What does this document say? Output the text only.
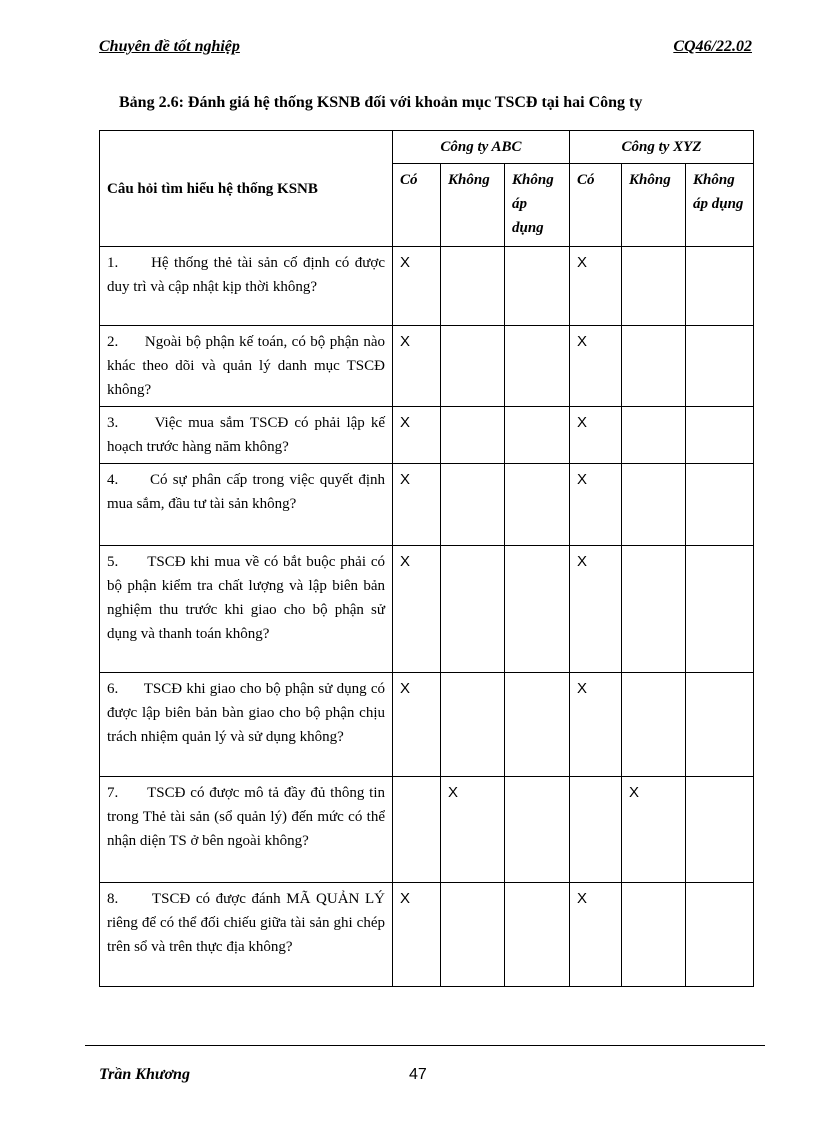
Chuyên đề tốt nghiệp	CQ46/22.02
Bảng 2.6: Đánh giá hệ thống KSNB đối với khoản mục TSCĐ tại hai Công ty
Câu hỏi tìm hiểu hệ thống KSNB	Công ty ABC			Công ty XYZ		
	Có	Không	Không áp dụng	Có	Không	Không áp dụng
1.      Hệ thống thẻ tài sản cố định có được duy trì và cập nhật kịp thời không?	X			X		
2.      Ngoài bộ phận kế toán, có bộ phận nào khác theo dõi và quản lý danh mục TSCĐ không?	X			X		
3.      Việc mua sắm TSCĐ có phải lập kế hoạch trước hàng năm không?	X			X		
4.      Có sự phân cấp trong việc quyết định mua sắm, đầu tư tài sản không?	X			X		
5.      TSCĐ khi mua về có bắt buộc phải có bộ phận kiểm tra chất lượng và lập biên bản nghiệm thu trước khi giao cho bộ phận sử dụng và thanh toán không?	X			X		
6.      TSCĐ khi giao cho bộ phận sử dụng có được lập biên bản bàn giao cho bộ phận chịu trách nhiệm quản lý và sử dụng không?	X			X		
7.      TSCĐ có được mô tả đầy đủ thông tin trong Thẻ tài sản (sổ quản lý) đến mức có thể nhận diện TS ở bên ngoài không?		X			X	
8.      TSCĐ có được đánh MÃ QUẢN LÝ riêng để có thể đối chiếu giữa tài sản ghi chép trên sổ và trên thực địa không?	X			X		
Trần Khương	47
